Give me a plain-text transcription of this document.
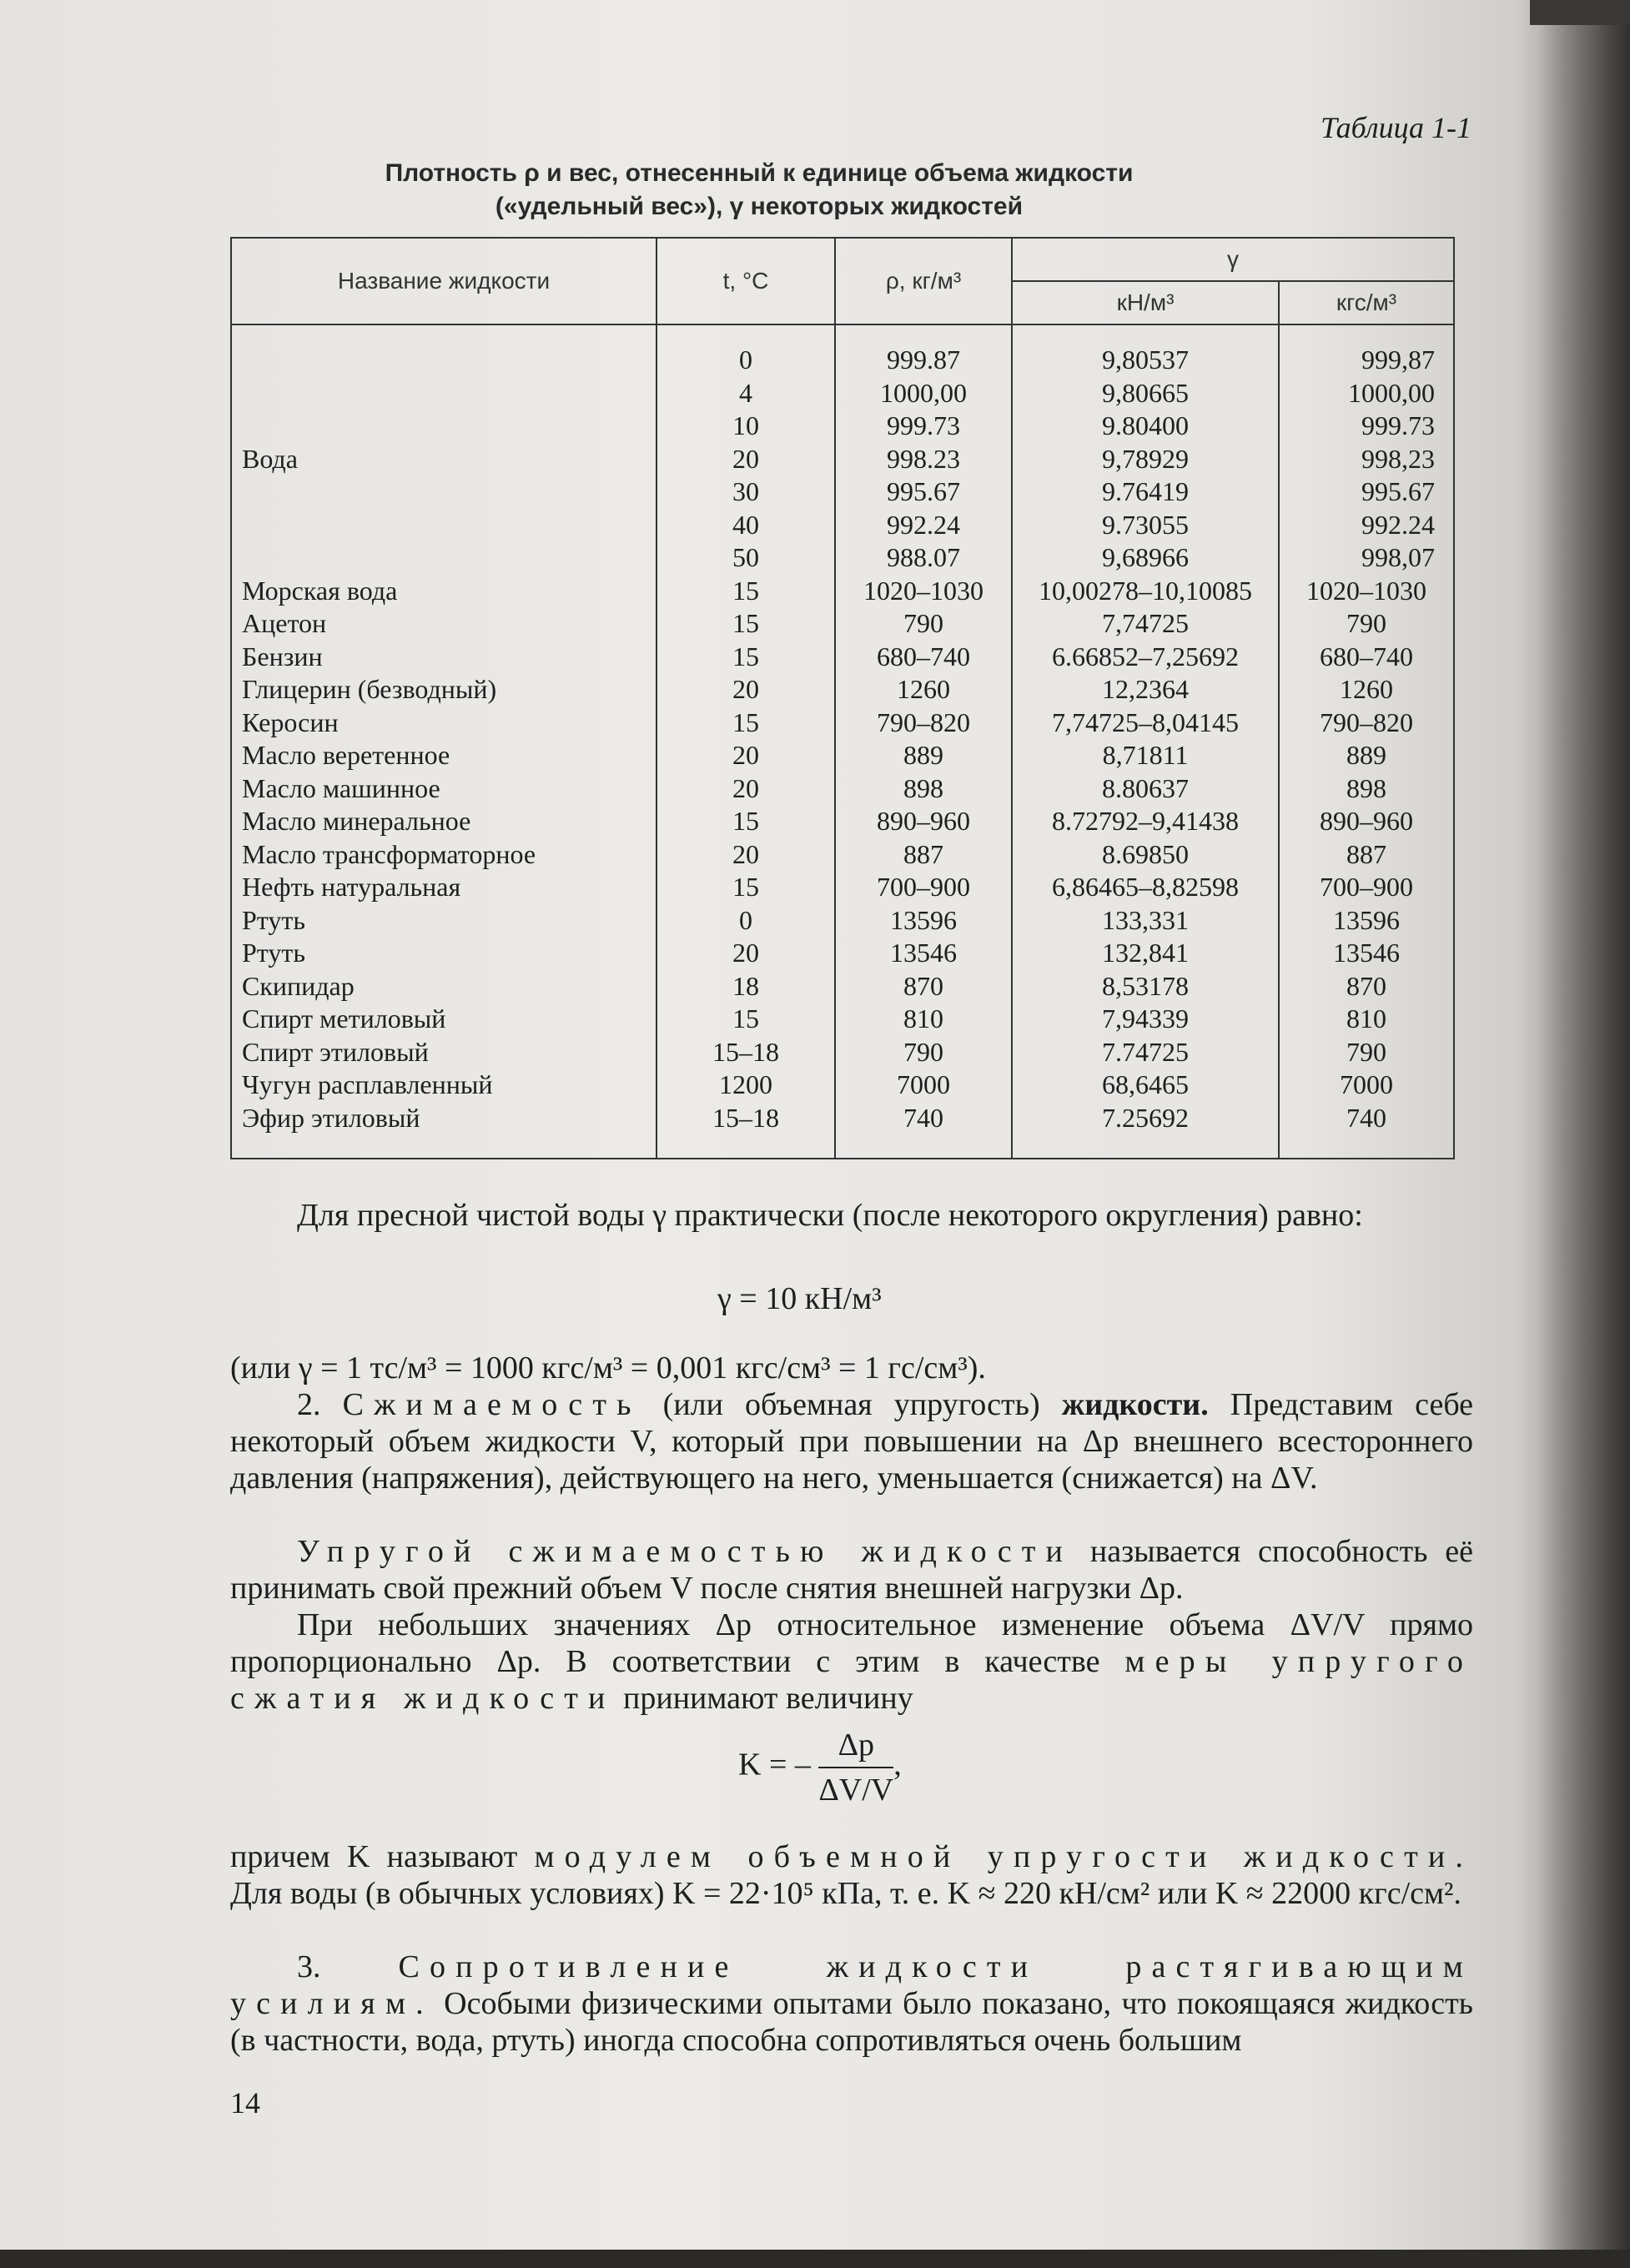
Таблица 1-1
Плотность ρ и вес, отнесенный к единице объема жидкости
(«удельный вес»), γ некоторых жидкостей
Название жидкости	t, °C	ρ, кг/м³	γ	
			кН/м³	кгс/м³
	0	999.87	9,80537	999,87
	4	1000,00	9,80665	1000,00
	10	999.73	9.80400	999.73
Вода	20	998.23	9,78929	998,23
	30	995.67	9.76419	995.67
	40	992.24	9.73055	992.24
	50	988.07	9,68966	998,07
Морская вода	15	1020–1030	10,00278–10,10085	1020–1030
Ацетон	15	790	7,74725	790
Бензин	15	680–740	6.66852–7,25692	680–740
Глицерин (безводный)	20	1260	12,2364	1260
Керосин	15	790–820	7,74725–8,04145	790–820
Масло веретенное	20	889	8,71811	889
Масло машинное	20	898	8.80637	898
Масло минеральное	15	890–960	8.72792–9,41438	890–960
Масло трансформаторное	20	887	8.69850	887
Нефть натуральная	15	700–900	6,86465–8,82598	700–900
Ртуть	0	13596	133,331	13596
Ртуть	20	13546	132,841	13546
Скипидар	18	870	8,53178	870
Спирт метиловый	15	810	7,94339	810
Спирт этиловый	15–18	790	7.74725	790
Чугун расплавленный	1200	7000	68,6465	7000
Эфир этиловый	15–18	740	7.25692	740
Для пресной чистой воды γ практически (после некоторого округления) равно:
γ = 10 кН/м³
(или γ = 1 тс/м³ = 1000 кгс/м³ = 0,001 кгс/см³ = 1 гс/см³).
2. Сжимаемость (или объемная упругость) жидкости. Представим себе некоторый объем жидкости V, который при повышении на Δp внешнего всестороннего давления (напряжения), действующего на него, уменьшается (снижается) на ΔV.
Упругой сжимаемостью жидкости называется способность её принимать свой прежний объем V после снятия внешней нагрузки Δp.
При небольших значениях Δp относительное изменение объема ΔV/V прямо пропорционально Δp. В соответствии с этим в качестве меры упругого сжатия жидкости принимают величину
K = – $\frac{\Delta p}{\Delta V/V}$ ,
причем K называют модулем объемной упругости жидкости. Для воды (в обычных условиях) K = 22·10⁵ кПа, т. е. K ≈ 220 кН/см² или K ≈ 22000 кгс/см².
3. Сопротивление жидкости растягивающим усилиям. Особыми физическими опытами было показано, что покоящаяся жидкость (в частности, вода, ртуть) иногда способна сопротивляться очень большим
14
